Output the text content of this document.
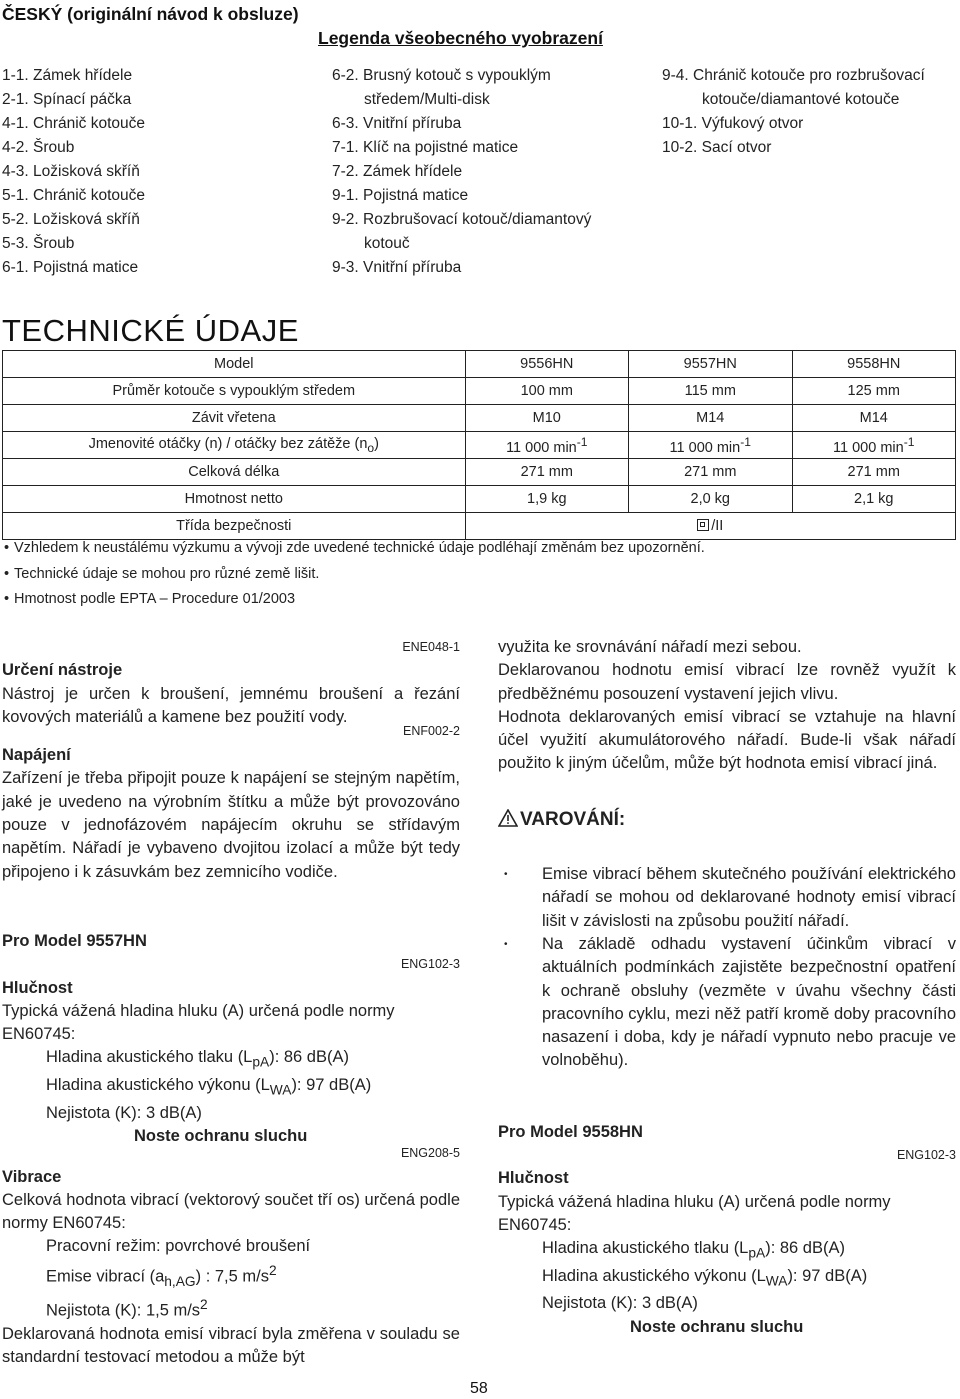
ČESKÝ (originální návod k obsluze)
Legenda všeobecného vyobrazení
1-1. Zámek hřídele
2-1. Spínací páčka
4-1. Chránič kotouče
4-2. Šroub
4-3. Ložisková skříň
5-1. Chránič kotouče
5-2. Ložisková skříň
5-3. Šroub
6-1. Pojistná matice
6-2. Brusný kotouč s vypouklým
středem/Multi-disk
6-3. Vnitřní příruba
7-1. Klíč na pojistné matice
7-2. Zámek hřídele
9-1. Pojistná matice
9-2. Rozbrušovací kotouč/diamantový
kotouč
9-3. Vnitřní příruba
9-4. Chránič kotouče pro rozbrušovací
kotouče/diamantové kotouče
10-1. Výfukový otvor
10-2. Sací otvor
TECHNICKÉ ÚDAJE
Model	9556HN	9557HN	9558HN
Průměr kotouče s vypouklým středem	100 mm	115 mm	125 mm
Závit vřetena	M10	M14	M14
Jmenovité otáčky (n) / otáčky bez zátěže $(n_o)$	11 000 $\min^{-1}$	11 000 $\min^{-1}$	11 000 $\min^{-1}$
Celková délka	271 mm	271 mm	271 mm
Hmotnost netto	1,9 kg	2,0 kg	2,1 kg
Třída bezpečnosti	/II		
• Vzhledem k neustálému výzkumu a vývoji zde uvedené technické údaje podléhají změnám bez upozornění.
• Technické údaje se mohou pro různé země lišit.
• Hmotnost podle EPTA – Procedure 01/2003
ENE048-1
Určení nástroje
Nástroj je určen k broušení, jemnému broušení a řezání kovových materiálů a kamene bez použití vody.
ENF002-2
Napájení
Zařízení je třeba připojit pouze k napájení se stejným napětím, jaké je uvedeno na výrobním štítku a může být provozováno pouze v jednofázovém napájecím okruhu se střídavým napětím. Nářadí je vybaveno dvojitou izolací a může být tedy připojeno i k zásuvkám bez zemnicího vodiče.
Pro Model 9557HN
ENG102-3
Hlučnost
Typická vážená hladina hluku (A) určená podle normy EN60745:
Hladina akustického tlaku $(L_{pA})$: 86 dB(A)
Hladina akustického výkonu $(L_{WA})$: 97 dB(A)
Nejistota (K): 3 dB(A)
Noste ochranu sluchu
ENG208-5
Vibrace
Celková hodnota vibrací (vektorový součet tří os) určená podle normy EN60745:
Pracovní režim: povrchové broušení
Emise vibrací $(a_{h,AG})$ : 7,5 $m/s^2$
Nejistota (K): 1,5 $m/s^2$
Deklarovaná hodnota emisí vibrací byla změřena v souladu se standardní testovací metodou a může být
využita ke srovnávání nářadí mezi sebou.
Deklarovanou hodnotu emisí vibrací lze rovněž využít k předběžnému posouzení vystavení jejich vlivu.
Hodnota deklarovaných emisí vibrací se vztahuje na hlavní účel využití akumulátorového nářadí. Bude-li však nářadí použito k jiným účelům, může být hodnota emisí vibrací jiná.
VAROVÁNÍ:
• Emise vibrací během skutečného používání elektrického nářadí se mohou od deklarované hodnoty emisí vibrací lišit v závislosti na způsobu použití nářadí.
• Na základě odhadu vystavení účinkům vibrací v aktuálních podmínkách zajistěte bezpečnostní opatření k ochraně obsluhy (vezměte v úvahu všechny části pracovního cyklu, mezi něž patří kromě doby pracovního nasazení i doba, kdy je nářadí vypnuto nebo pracuje ve volnoběhu).
Pro Model 9558HN
ENG102-3
Hlučnost
Typická vážená hladina hluku (A) určená podle normy EN60745:
Hladina akustického tlaku $(L_{pA})$: 86 dB(A)
Hladina akustického výkonu $(L_{WA})$: 97 dB(A)
Nejistota (K): 3 dB(A)
Noste ochranu sluchu
58
